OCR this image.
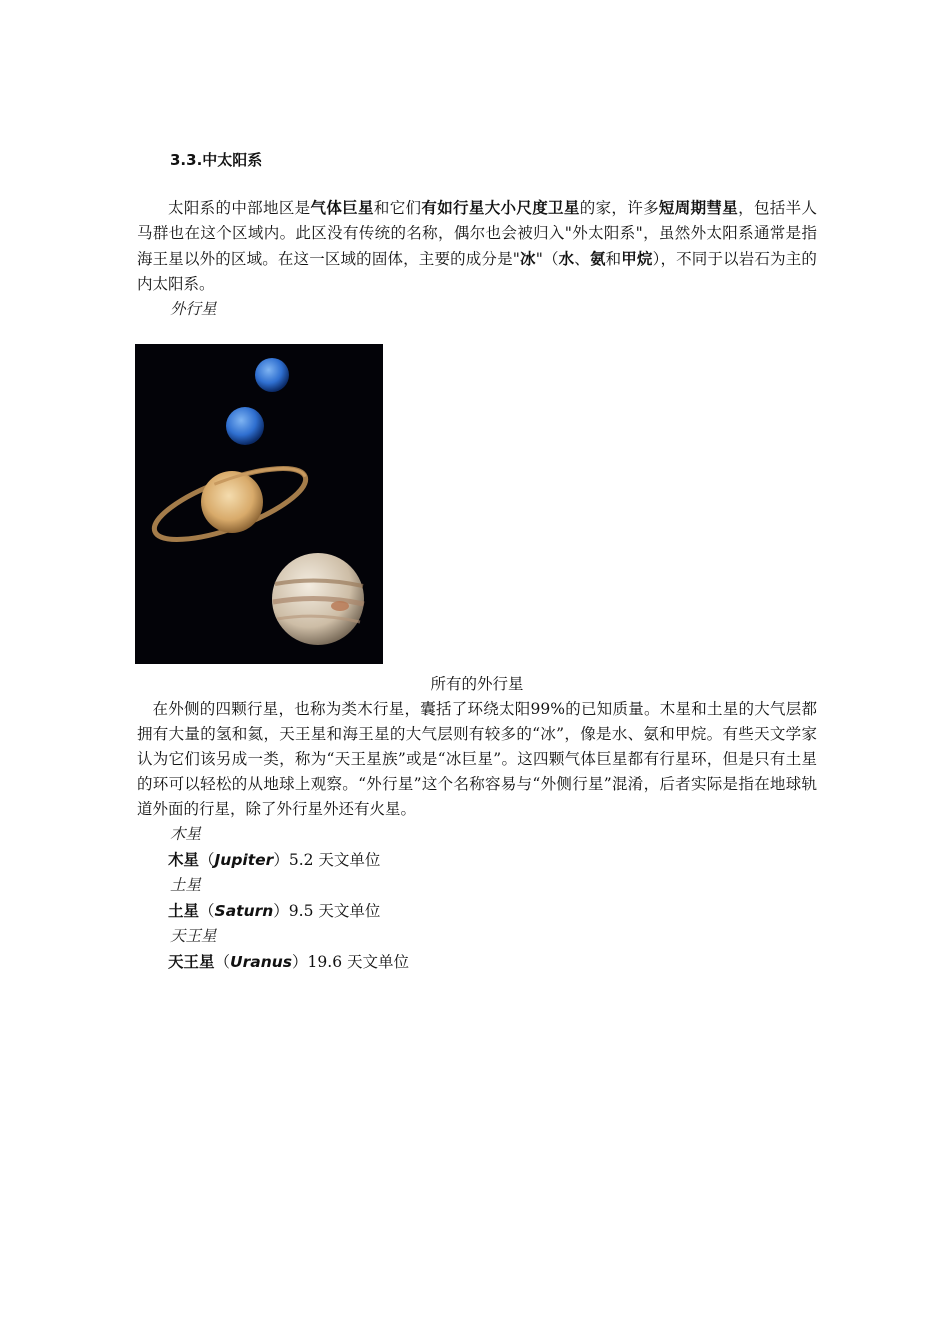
3.3.中太阳系

太阳系的中部地区是气体巨星和它们有如行星大小尺度卫星的家，许多短周期彗星，包括半人马群也在这个区域内。此区没有传统的名称，偶尔也会被归入"外太阳系"，虽然外太阳系通常是指海王星以外的区域。在这一区域的固体，主要的成分是"冰"（水、氨和甲烷），不同于以岩石为主的内太阳系。

外行星
所有的外行星

在外侧的四颗行星，也称为类木行星，囊括了环绕太阳99%的已知质量。木星和土星的大气层都拥有大量的氢和氦，天王星和海王星的大气层则有较多的“冰”，像是水、氨和甲烷。有些天文学家认为它们该另成一类，称为“天王星族”或是“冰巨星”。这四颗气体巨星都有行星环，但是只有土星的环可以轻松的从地球上观察。“外行星”这个名称容易与“外侧行星”混淆，后者实际是指在地球轨道外面的行星，除了外行星外还有火星。

木星

木星（Jupiter）5.2 天文单位

土星

土星（Saturn）9.5 天文单位

天王星

天王星（Uranus）19.6 天文单位
